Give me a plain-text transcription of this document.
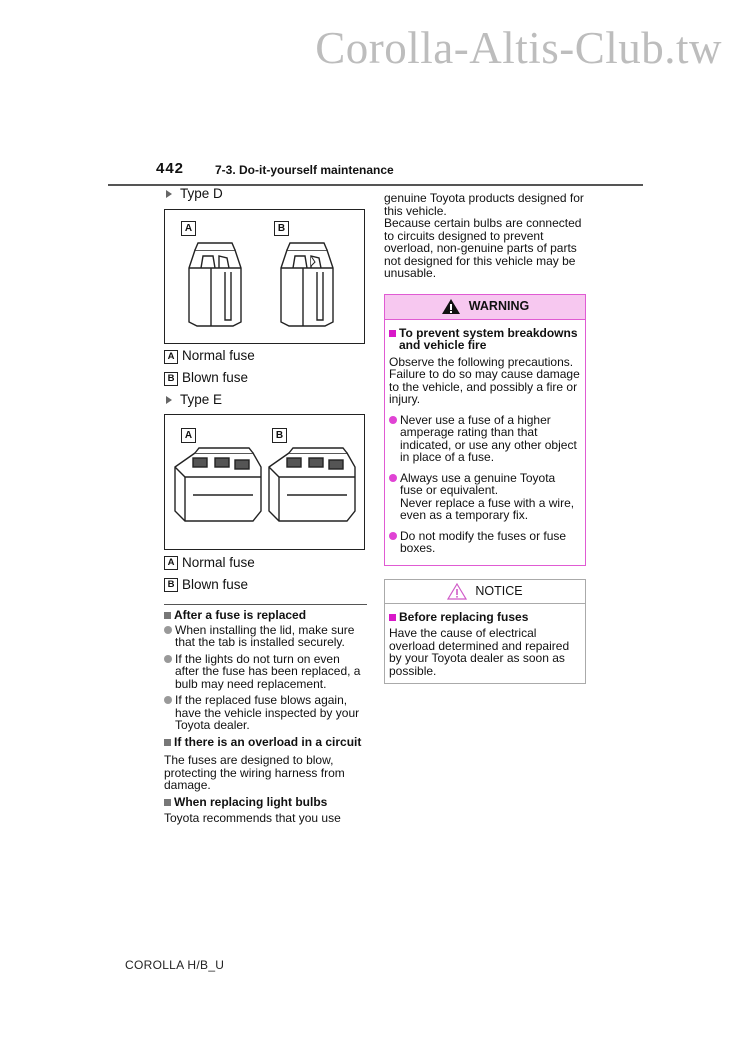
Corolla-Altis-Club.tw
442	7-3. Do-it-yourself maintenance
Type D
A	B
A Normal fuse
B Blown fuse
Type E
A	B
A Normal fuse
B Blown fuse
After a fuse is replaced
When installing the lid, make sure that the tab is installed securely.
If the lights do not turn on even after the fuse has been replaced, a bulb may need replacement.
If the replaced fuse blows again, have the vehicle inspected by your Toyota dealer.
If there is an overload in a circuit
The fuses are designed to blow, protecting the wiring harness from damage.
When replacing light bulbs
Toyota recommends that you use
genuine Toyota products designed for this vehicle.
Because certain bulbs are connected to circuits designed to prevent overload, non-genuine parts of parts not designed for this vehicle may be unusable.
WARNING
To prevent system breakdowns and vehicle fire
Observe the following precautions.
Failure to do so may cause damage to the vehicle, and possibly a fire or injury.
Never use a fuse of a higher amperage rating than that indicated, or use any other object in place of a fuse.
Always use a genuine Toyota fuse or equivalent.
Never replace a fuse with a wire, even as a temporary fix.
Do not modify the fuses or fuse boxes.
NOTICE
Before replacing fuses
Have the cause of electrical overload determined and repaired by your Toyota dealer as soon as possible.
COROLLA H/B_U
